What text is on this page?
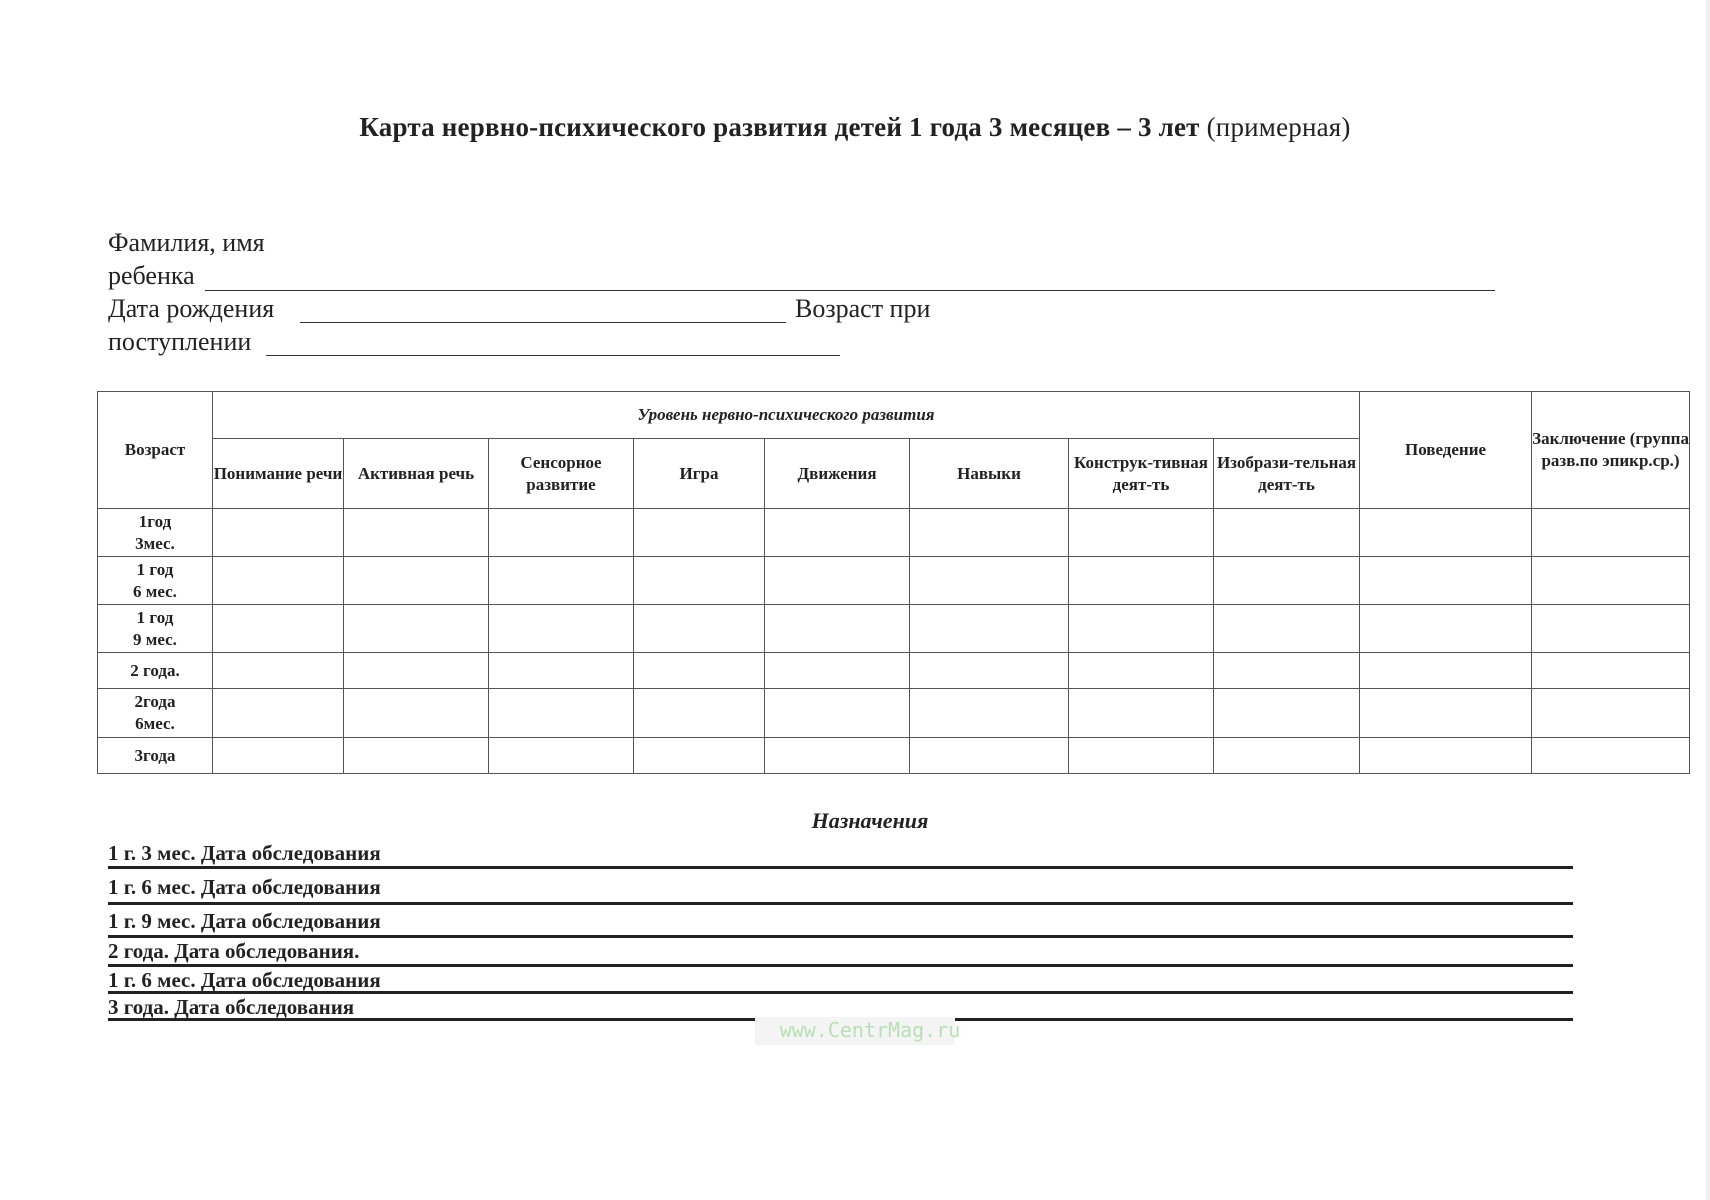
Карта нервно-психического развития детей 1 года 3 месяцев – 3 лет (примерная)
Фамилия, имя
ребенка
Дата рождения	Возраст при
поступлении
Возраст	Уровень нервно-психического развития								Поведение	Заключение (группа разв.по эпикр.ср.)
	Понимание речи	Активная речь	Сенсорное развитие	Игра	Движения	Навыки	Конструк-тивная деят-ть	Изобрази-тельная деят-ть		

1год
3мес.										

1 год
6 мес.										

1 год
9 мес.										

2 года.										

2года
6мес.										

3года										

Назначения
1 г. 3 мес. Дата обследования
1 г. 6 мес. Дата обследования
1 г. 9 мес. Дата обследования
2 года. Дата обследования.
1 г. 6 мес. Дата обследования
3 года. Дата обследования
www.CentrMag.ru
